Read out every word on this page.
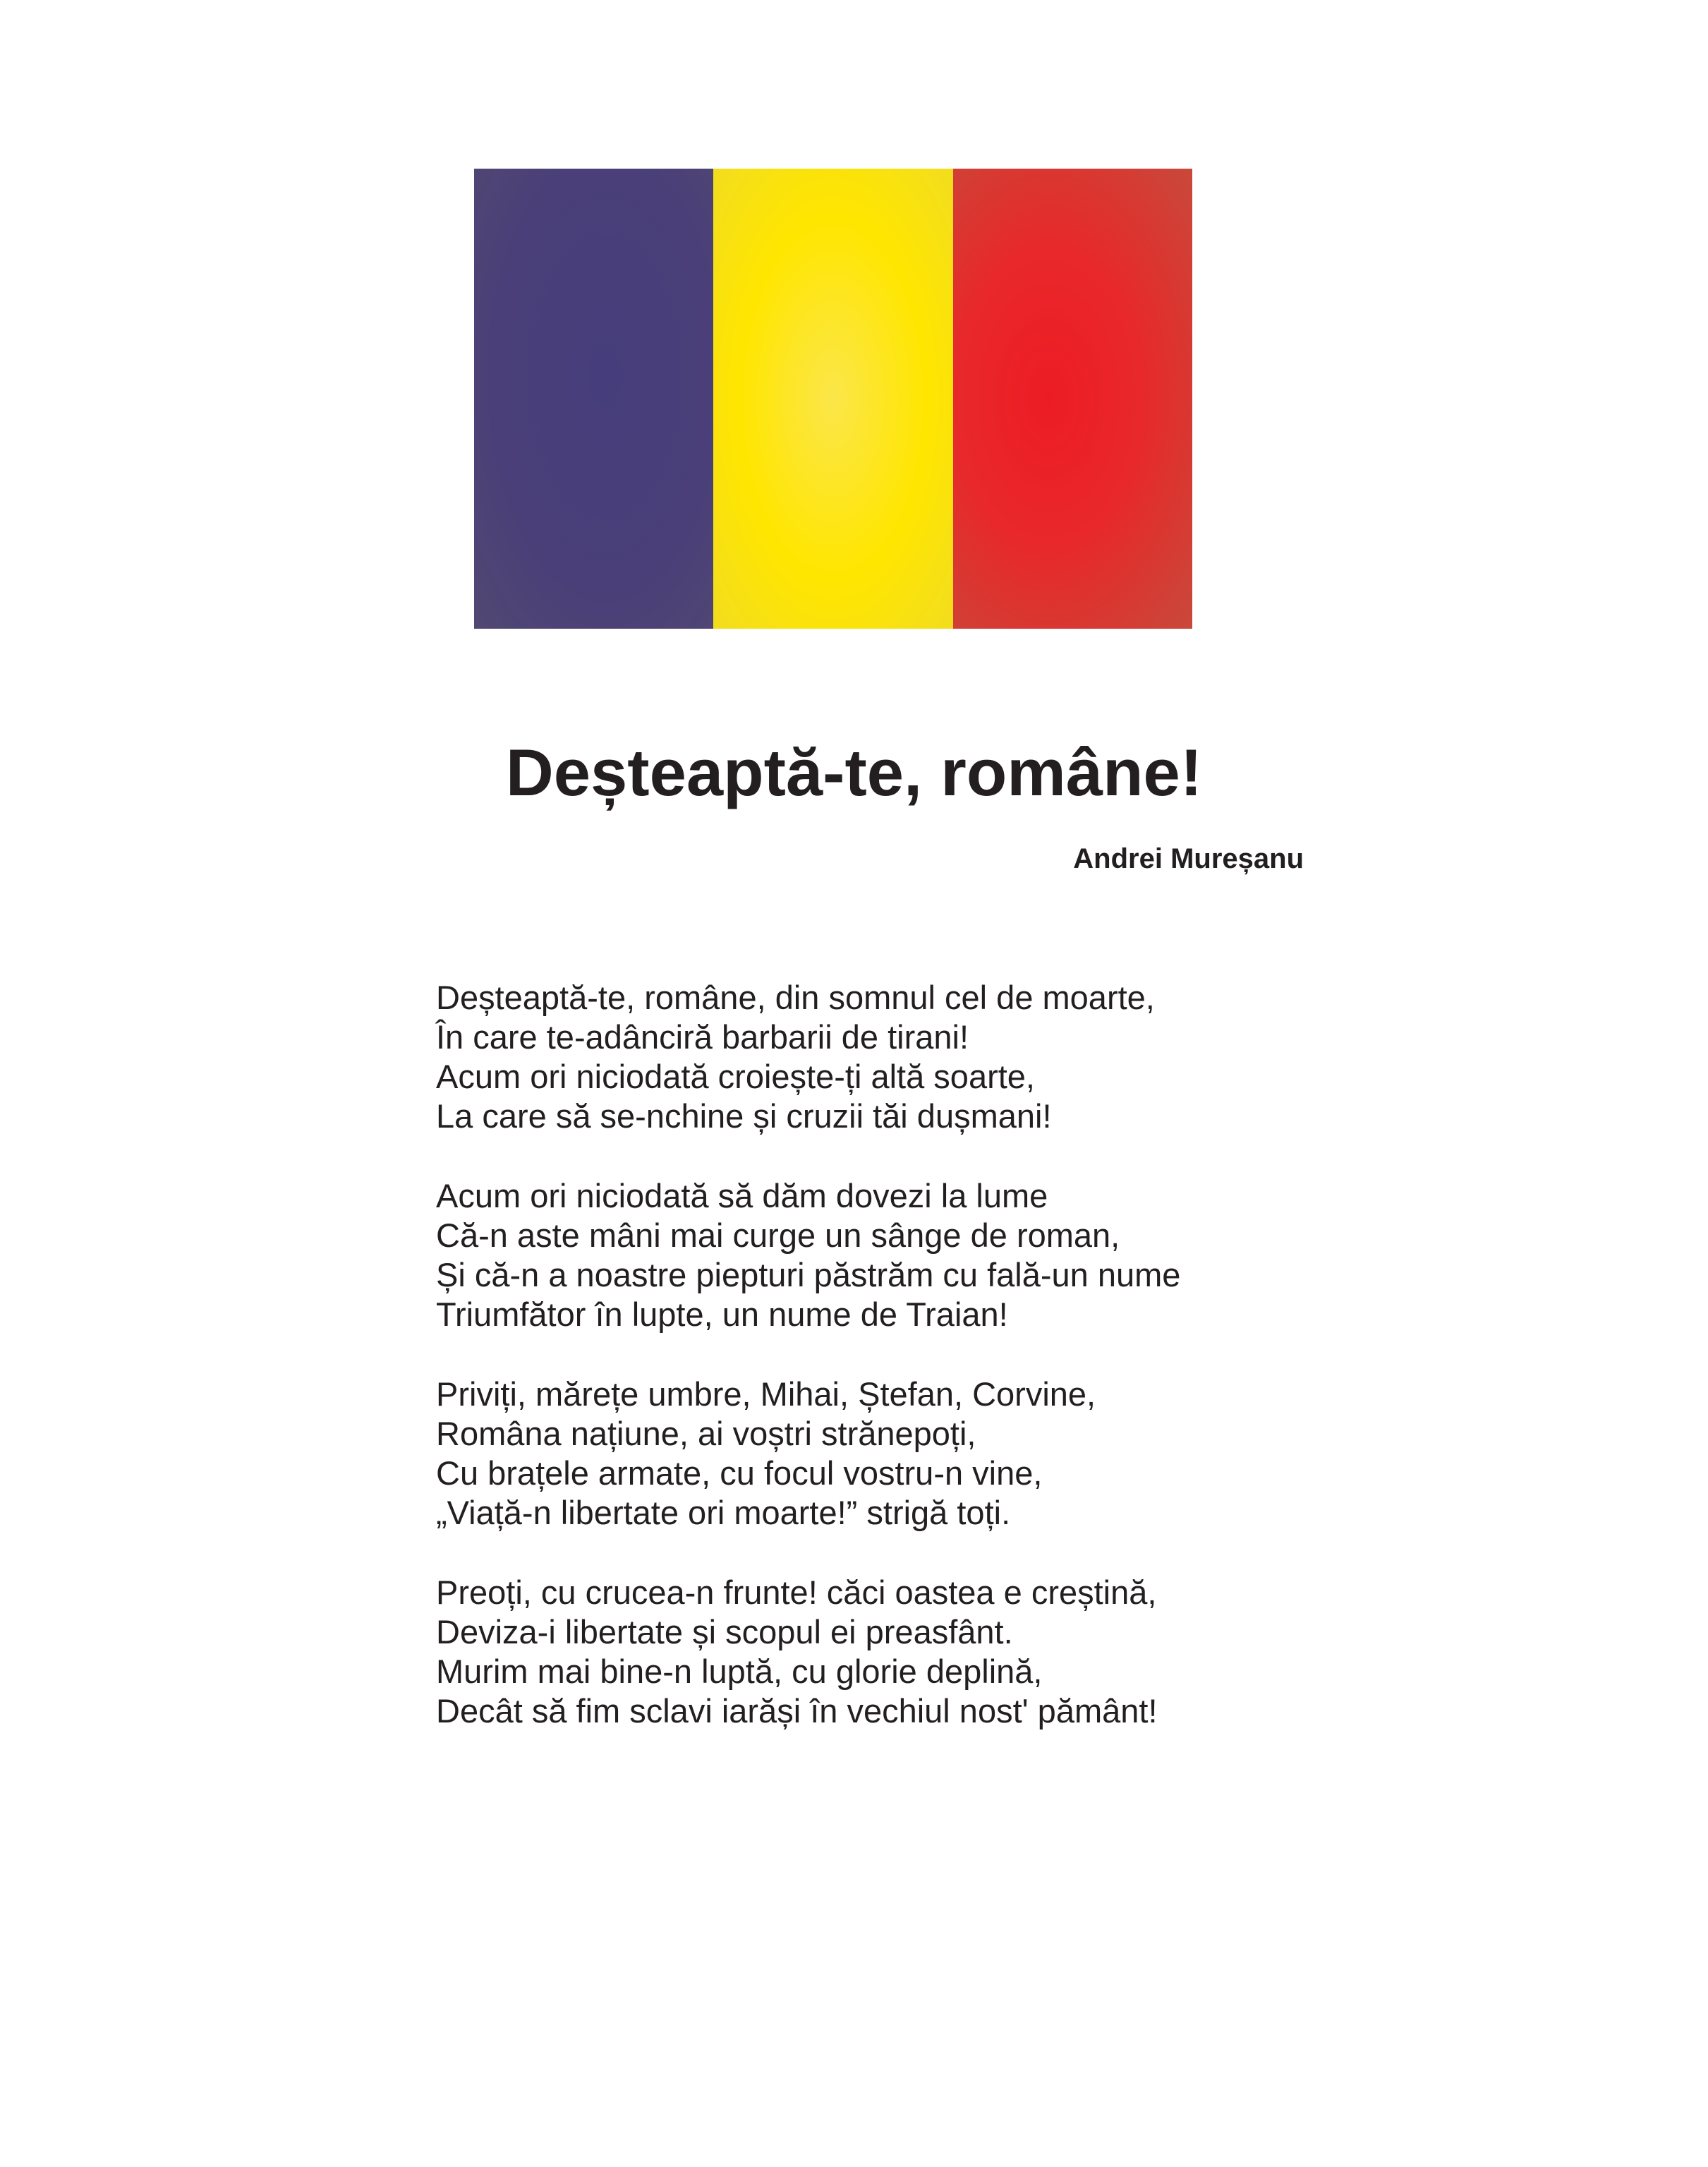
Deșteaptă-te, române!

Andrei Mureșanu

Deșteaptă-te, române, din somnul cel de moarte,
În care te-adânciră barbarii de tirani!
Acum ori niciodată croiește-ți altă soarte,
La care să se-nchine și cruzii tăi dușmani!
Acum ori niciodată să dăm dovezi la lume
Că-n aste mâni mai curge un sânge de roman,
Și că-n a noastre piepturi păstrăm cu fală-un nume
Triumfător în lupte, un nume de Traian!
Priviți, mărețe umbre, Mihai, Ștefan, Corvine,
Româna națiune, ai voștri strănepoți,
Cu brațele armate, cu focul vostru-n vine,
„Viață-n libertate ori moarte!” strigă toți.
Preoți, cu crucea-n frunte! căci oastea e creștină,
Deviza-i libertate și scopul ei preasfânt.
Murim mai bine-n luptă, cu glorie deplină,
Decât să fim sclavi iarăși în vechiul nost' pământ!
